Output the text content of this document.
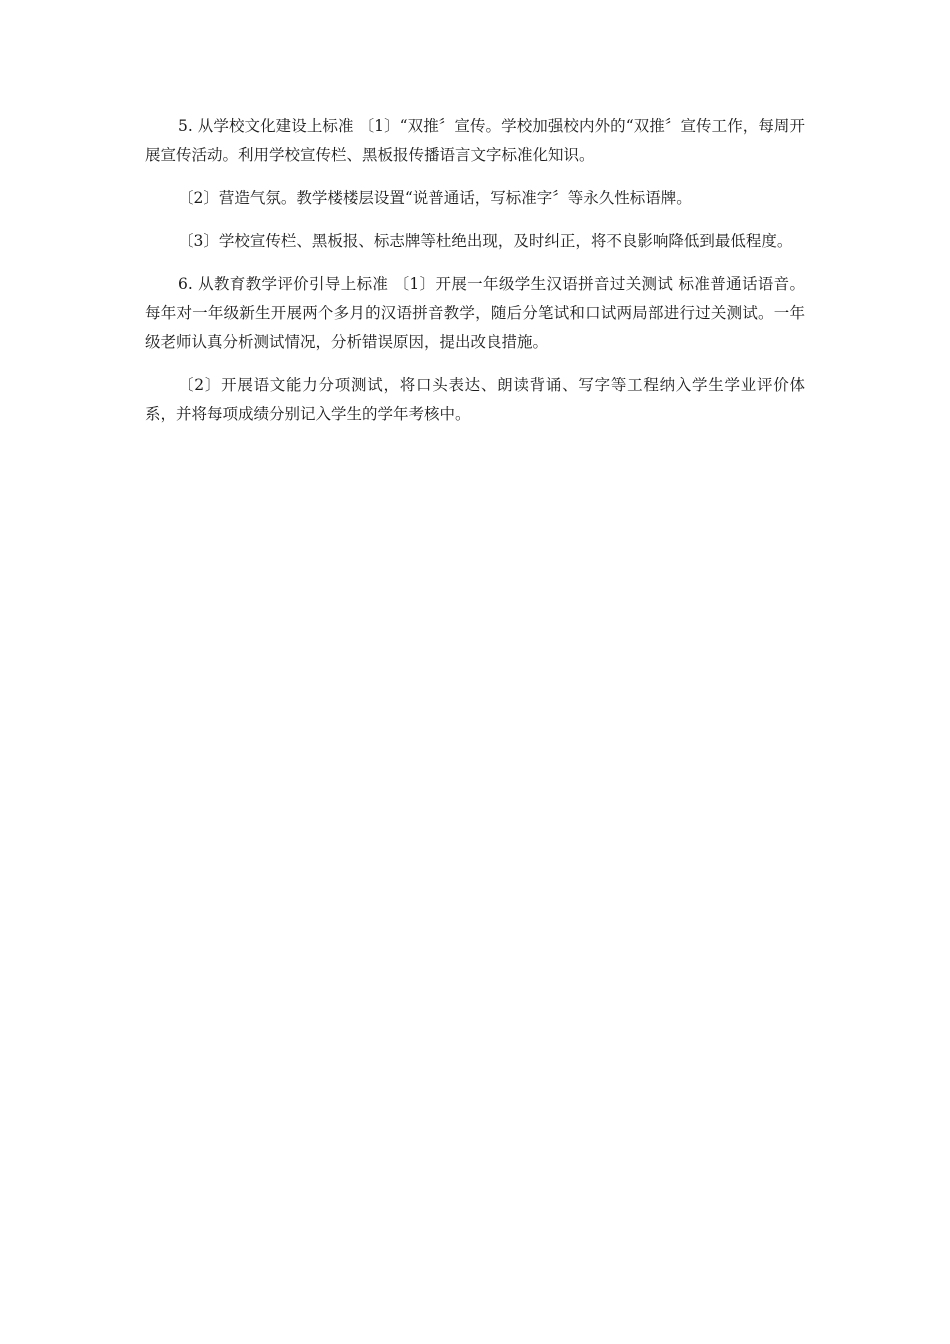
5. 从学校文化建设上标准 〔1〕“双推〞宣传。学校加强校内外的“双推〞宣传工作，每周开展宣传活动。利用学校宣传栏、黑板报传播语言文字标准化知识。

〔2〕营造气氛。教学楼楼层设置“说普通话，写标准字〞等永久性标语牌。

〔3〕学校宣传栏、黑板报、标志牌等杜绝出现，及时纠正，将不良影响降低到最低程度。

6. 从教育教学评价引导上标准 〔1〕开展一年级学生汉语拼音过关测试 标准普通话语音。每年对一年级新生开展两个多月的汉语拼音教学，随后分笔试和口试两局部进行过关测试。一年级老师认真分析测试情况，分析错误原因，提出改良措施。

〔2〕开展语文能力分项测试，将口头表达、朗读背诵、写字等工程纳入学生学业评价体系，并将每项成绩分别记入学生的学年考核中。
